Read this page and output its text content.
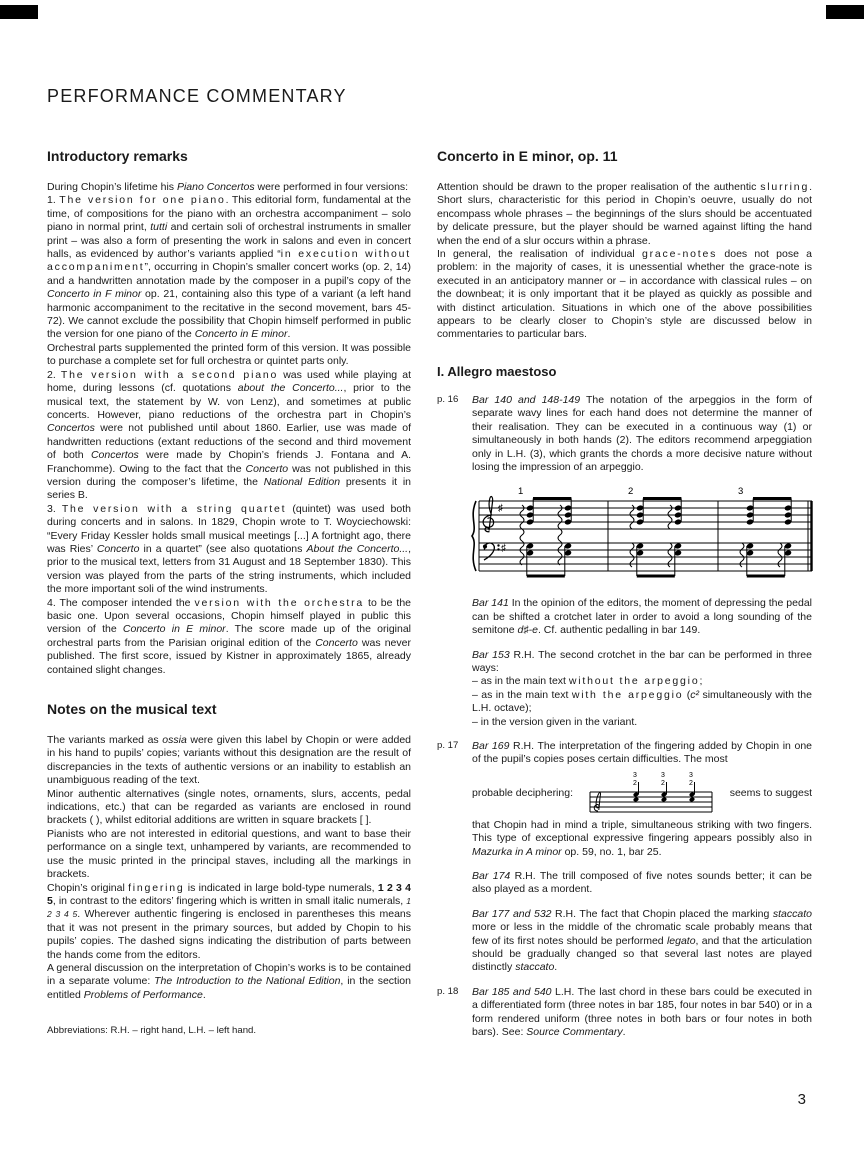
PERFORMANCE COMMENTARY
Introductory remarks

During Chopin’s lifetime his Piano Concertos were performed in four versions:

1. The version for one piano. This editorial form, fundamental at the time, of compositions for the piano with an orchestra accompaniment – solo piano in normal print, tutti and certain soli of orchestral instruments in smaller print – was also a form of presenting the work in salons and even in concert halls, as evidenced by author’s variants applied “in execution without accompaniment”, occurring in Chopin’s smaller concert works (op. 2, 14) and a handwritten annotation made by the composer in a pupil’s copy of the Concerto in F minor op. 21, containing also this type of a variant (a left hand harmonic accompaniment to the recitative in the second movement, bars 45-72). We cannot exclude the possibility that Chopin himself performed in public the version for one piano of the Concerto in E minor.

Orchestral parts supplemented the printed form of this version. It was possible to purchase a complete set for full orchestra or quintet parts only.

2. The version with a second piano was used while playing at home, during lessons (cf. quotations about the Concerto..., prior to the musical text, the statement by W. von Lenz), and sometimes at public concerts. However, piano reductions of the orchestra part in Chopin’s Concertos were not published until about 1860. Earlier, use was made of handwritten reductions (extant reductions of the second and third movement of both Concertos were made by Chopin’s friends J. Fontana and A. Franchomme). Owing to the fact that the Concerto was not published in this version during the composer’s lifetime, the National Edition presents it in series B.

3. The version with a string quartet (quintet) was used both during concerts and in salons. In 1829, Chopin wrote to T. Woyciechowski: “Every Friday Kessler holds small musical meetings [...] A fortnight ago, there was Ries’ Concerto in a quartet” (see also quotations About the Concerto..., prior to the musical text, letters from 31 August and 18 September 1830). This version was played from the parts of the string instruments, which included the more important soli of the wind instruments.

4. The composer intended the version with the orchestra to be the basic one. Upon several occasions, Chopin himself played in public this version of the Concerto in E minor. The score made up of the original orchestral parts from the Parisian original edition of the Concerto was never published. The first score, issued by Kistner in approximately 1865, already contained slight changes.

Notes on the musical text

The variants marked as ossia were given this label by Chopin or were added in his hand to pupils’ copies; variants without this designation are the result of discrepancies in the texts of authentic versions or an inability to establish an unambiguous reading of the text.

Minor authentic alternatives (single notes, ornaments, slurs, accents, pedal indications, etc.) that can be regarded as variants are enclosed in round brackets ( ), whilst editorial additions are written in square brackets [ ].

Pianists who are not interested in editorial questions, and want to base their performance on a single text, unhampered by variants, are recommended to use the music printed in the principal staves, including all the markings in brackets.

Chopin’s original fingering is indicated in large bold-type numerals, 1 2 3 4 5, in contrast to the editors’ fingering which is written in small italic numerals, 1 2 3 4 5. Wherever authentic fingering is enclosed in parentheses this means that it was not present in the primary sources, but added by Chopin to his pupils’ copies. The dashed signs indicating the distribution of parts between the hands come from the editors.

A general discussion on the interpretation of Chopin’s works is to be contained in a separate volume: The Introduction to the National Edition, in the section entitled Problems of Performance.

Abbreviations: R.H. – right hand, L.H. – left hand.

Concerto in E minor, op. 11

Attention should be drawn to the proper realisation of the authentic slurring. Short slurs, characteristic for this period in Chopin’s oeuvre, usually do not encompass whole phrases – the beginnings of the slurs should be accentuated by delicate pressure, but the player should be warned against lifting the hand when the end of a slur occurs within a phrase.

In general, the realisation of individual grace-notes does not pose a problem: in the majority of cases, it is unessential whether the grace-note is executed in an anticipatory manner or – in accordance with classical rules – on the downbeat; it is only important that it be played as quickly as possible and with distinct articulation. Situations in which one of the above possibilities appears to be clearly closer to Chopin’s style are discussed below in commentaries to particular bars.

I. Allegro maestoso
p. 16 Bar 140 and 148-149 The notation of the arpeggios in the form of separate wavy lines for each hand does not determine the manner of their realisation. They can be executed in a continuous way (1) or simultaneously in both hands (2). The editors recommend arpeggiation only in L.H. (3), which grants the chords a more decisive nature without losing the impression of an arpeggio.

♯
♯
1	2	3

Bar 141 In the opinion of the editors, the moment of depressing the pedal can be shifted a crotchet later in order to avoid a long sounding of the semitone d♯-e. Cf. authentic pedalling in bar 149.

Bar 153 R.H. The second crotchet in the bar can be performed in three ways:
– as in the main text without the arpeggio;
– as in the main text with the arpeggio (c² simultaneously with the L.H. octave);
– in the version given in the variant.

p. 17 Bar 169 R.H. The interpretation of the fingering added by Chopin in one of the pupil’s copies poses certain difficulties. The most

probable deciphering:
3
2
3
2
3
2
seems to suggest

that Chopin had in mind a triple, simultaneous striking with two fingers. This type of exceptional expressive fingering appears possibly also in Mazurka in A minor op. 59, no. 1, bar 25.

Bar 174 R.H. The trill composed of five notes sounds better; it can be also played as a mordent.

Bar 177 and 532 R.H. The fact that Chopin placed the marking staccato more or less in the middle of the chromatic scale probably means that few of its first notes should be performed legato, and that the articulation should be gradually changed so that several last notes are played distinctly staccato.

p. 18 Bar 185 and 540 L.H. The last chord in these bars could be executed in a differentiated form (three notes in bar 185, four notes in bar 540) or in a form rendered uniform (three notes in both bars or four notes in both bars). See: Source Commentary.

3
